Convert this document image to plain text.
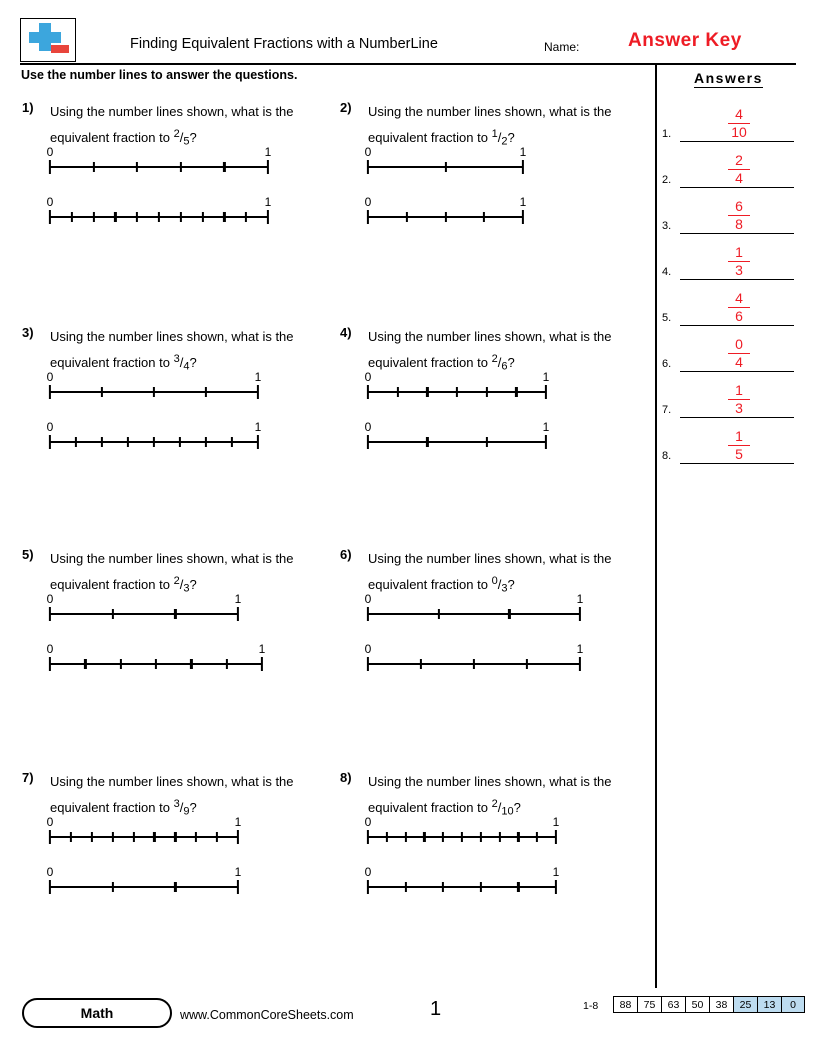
Finding Equivalent Fractions with a NumberLine	Name:	Answer Key
Use the number lines to answer the questions.	Answers
1.
4
10
2.
2
4
3.
6
8
4.
1
3
5.
4
6
6.
0
4
7.
1
3
8.
1
5
1) Using the number lines shown, what is the equivalent fraction to $^2/_5$?
0	1
0	1
2) Using the number lines shown, what is the equivalent fraction to $^1/_2$?
0	1
0	1
3) Using the number lines shown, what is the equivalent fraction to $^3/_4$?
0	1
0	1
4) Using the number lines shown, what is the equivalent fraction to $^2/_6$?
0	1
0	1
5) Using the number lines shown, what is the equivalent fraction to $^2/_3$?
0	1
0	1
6) Using the number lines shown, what is the equivalent fraction to $^0/_3$?
0	1
0	1
7) Using the number lines shown, what is the equivalent fraction to $^3/_9$?
0	1
0	1
8) Using the number lines shown, what is the equivalent fraction to $^2/_{10}$?
0	1
0	1
Math	www.CommonCoreSheets.com	1	1-8	88	75	63	50	38	25	13	0
